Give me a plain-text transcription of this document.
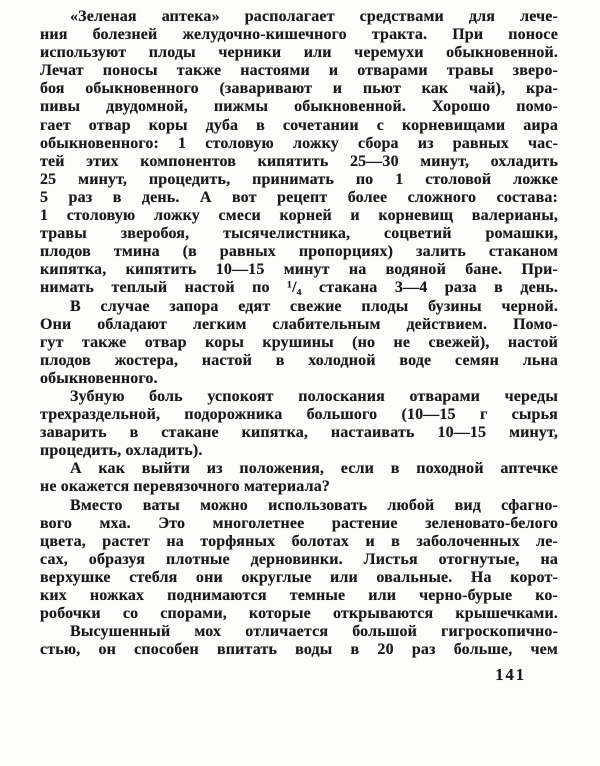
«Зеленая аптека» располагает средствами для лече-
ния болезней желудочно-кишечного тракта. При поносе
используют плоды черники или черемухи обыкновенной.
Лечат поносы также настоями и отварами травы зверо-
боя обыкновенного (заваривают и пьют как чай), кра-
пивы двудомной, пижмы обыкновенной. Хорошо помо-
гает отвар коры дуба в сочетании с корневищами аира
обыкновенного: 1 столовую ложку сбора из равных час-
тей этих компонентов кипятить 25—30 минут, охладить
25 минут, процедить, принимать по 1 столовой ложке
5 раз в день. А вот рецепт более сложного состава:
1 столовую ложку смеси корней и корневищ валерианы,
травы зверобоя, тысячелистника, соцветий ромашки,
плодов тмина (в равных пропорциях) залить стаканом
кипятка, кипятить 10—15 минут на водяной бане. При-
нимать теплый настой по ¹/₄ стакана 3—4 раза в день.
В случае запора едят свежие плоды бузины черной.
Они обладают легким слабительным действием. Помо-
гут также отвар коры крушины (но не свежей), настой
плодов жостера, настой в холодной воде семян льна
обыкновенного.
Зубную боль успокоят полоскания отварами череды
трехраздельной, подорожника большого (10—15 г сырья
заварить в стакане кипятка, настаивать 10—15 минут,
процедить, охладить).
А как выйти из положения, если в походной аптечке
не окажется перевязочного материала?
Вместо ваты можно использовать любой вид сфагно-
вого мха. Это многолетнее растение зеленовато-белого
цвета, растет на торфяных болотах и в заболоченных ле-
сах, образуя плотные дерновинки. Листья отогнутые, на
верхушке стебля они округлые или овальные. На корот-
ких ножках поднимаются темные или черно-бурые ко-
робочки со спорами, которые открываются крышечками.
Высушенный мох отличается большой гигроскопично-
стью, он способен впитать воды в 20 раз больше, чем
141
